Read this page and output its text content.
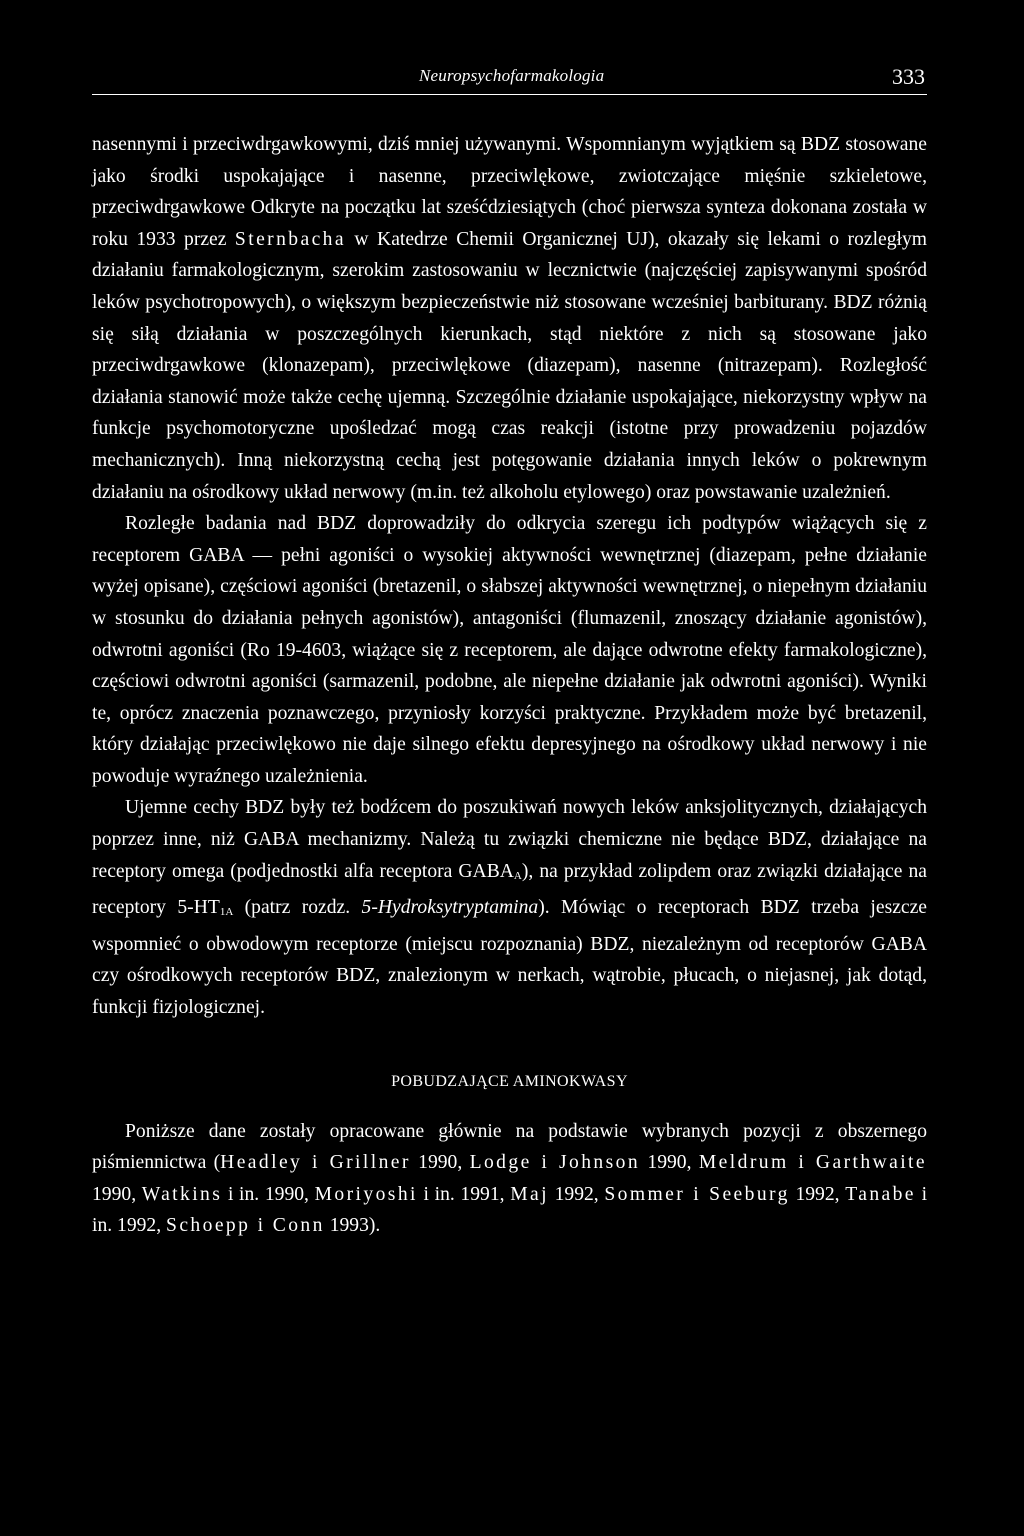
Neuropsychofarmakologia	333

nasennymi i przeciwdrgawkowymi, dziś mniej używanymi. Wspomnianym wyjątkiem są BDZ stosowane jako środki uspokajające i nasenne, przeciwlękowe, zwiotczające mięśnie szkieletowe, przeciwdrgawkowe Odkryte na początku lat sześćdziesiątych (choć pierwsza synteza dokonana została w roku 1933 przez Sternbacha w Katedrze Chemii Organicznej UJ), okazały się lekami o rozległym działaniu farmakologicznym, szerokim zastosowaniu w lecznictwie (najczęściej zapisywanymi spośród leków psychotropowych), o większym bezpieczeństwie niż stosowane wcześniej barbiturany. BDZ różnią się siłą działania w poszczególnych kierunkach, stąd niektóre z nich są stosowane jako przeciwdrgawkowe (klonazepam), przeciwlękowe (diazepam), nasenne (nitrazepam). Rozległość działania stanowić może także cechę ujemną. Szczególnie działanie uspokajające, niekorzystny wpływ na funkcje psychomotoryczne upośledzać mogą czas reakcji (istotne przy prowadzeniu pojazdów mechanicznych). Inną niekorzystną cechą jest potęgowanie działania innych leków o pokrewnym działaniu na ośrodkowy układ nerwowy (m.in. też alkoholu etylowego) oraz powstawanie uzależnień.

Rozległe badania nad BDZ doprowadziły do odkrycia szeregu ich podtypów wiążących się z receptorem GABA — pełni agoniści o wysokiej aktywności wewnętrznej (diazepam, pełne działanie wyżej opisane), częściowi agoniści (bretazenil, o słabszej aktywności wewnętrznej, o niepełnym działaniu w stosunku do działania pełnych agonistów), antagoniści (flumazenil, znoszący działanie agonistów), odwrotni agoniści (Ro 19-4603, wiążące się z receptorem, ale dające odwrotne efekty farmakologiczne), częściowi odwrotni agoniści (sarmazenil, podobne, ale niepełne działanie jak odwrotni agoniści). Wyniki te, oprócz znaczenia poznawczego, przyniosły korzyści praktyczne. Przykładem może być bretazenil, który działając przeciwlękowo nie daje silnego efektu depresyjnego na ośrodkowy układ nerwowy i nie powoduje wyraźnego uzależnienia.

Ujemne cechy BDZ były też bodźcem do poszukiwań nowych leków anksjolitycznych, działających poprzez inne, niż GABA mechanizmy. Należą tu związki chemiczne nie będące BDZ, działające na receptory omega (podjednostki alfa receptora $GABA_A$), na przykład zolipdem oraz związki działające na receptory $5-HT_{1A}$ (patrz rozdz. 5-Hydroksytryptamina). Mówiąc o receptorach BDZ trzeba jeszcze wspomnieć o obwodowym receptorze (miejscu rozpoznania) BDZ, niezależnym od receptorów GABA czy ośrodkowych receptorów BDZ, znalezionym w nerkach, wątrobie, płucach, o niejasnej, jak dotąd, funkcji fizjologicznej.

POBUDZAJĄCE AMINOKWASY

Poniższe dane zostały opracowane głównie na podstawie wybranych pozycji z obszernego piśmiennictwa (Headley i Grillner 1990, Lodge i Johnson 1990, Meldrum i Garthwaite 1990, Watkins i in. 1990, Moriyoshi i in. 1991, Maj 1992, Sommer i Seeburg 1992, Tanabe i in. 1992, Schoepp i Conn 1993).
